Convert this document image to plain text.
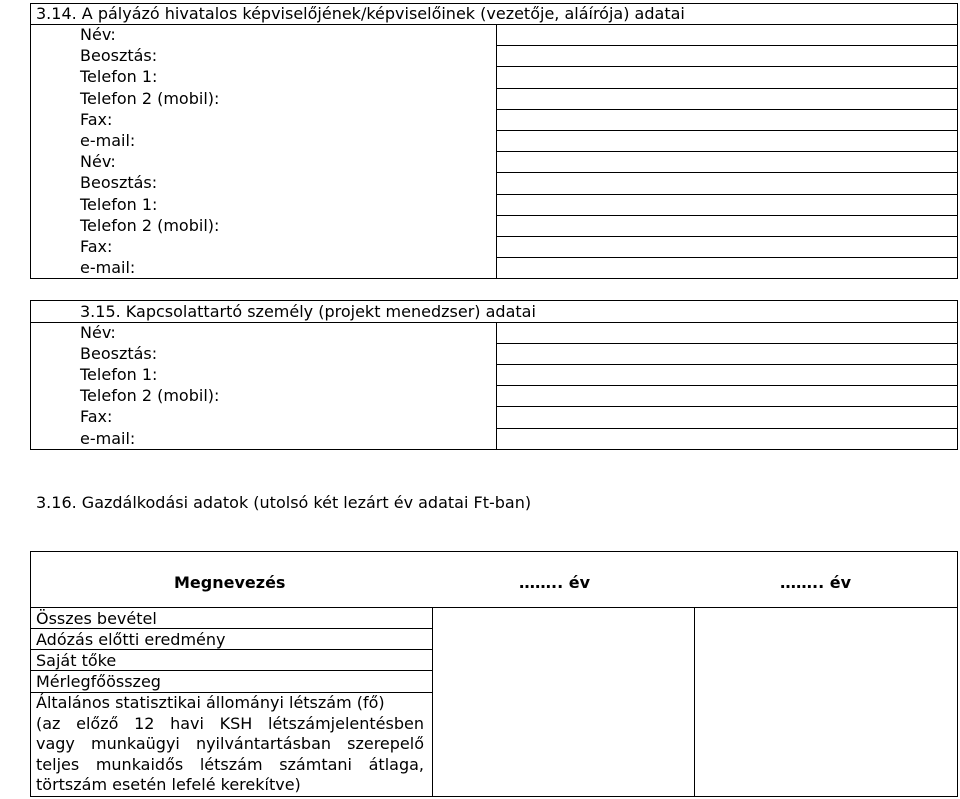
3.14. A pályázó hivatalos képviselőjének/képviselőinek (vezetője, aláírója) adatai
Név:
Beosztás:
Telefon 1:
Telefon 2 (mobil):
Fax:
e-mail:
Név:
Beosztás:
Telefon 1:
Telefon 2 (mobil):
Fax:
e-mail:
3.15. Kapcsolattartó személy (projekt menedzser) adatai
Név:
Beosztás:
Telefon 1:
Telefon 2 (mobil):
Fax:
e-mail:
3.16. Gazdálkodási adatok (utolsó két lezárt év adatai Ft-ban)
Megnevezés	…….. év	…….. év
Összes bevétel
Adózás előtti eredmény
Saját tőke
Mérlegfőösszeg
Általános statisztikai állományi létszám (fő)
(az előző 12 havi KSH létszámjelentésben
vagy munkaügyi nyilvántartásban szerepelő
teljes munkaidős létszám számtani átlaga,
törtszám esetén lefelé kerekítve)
